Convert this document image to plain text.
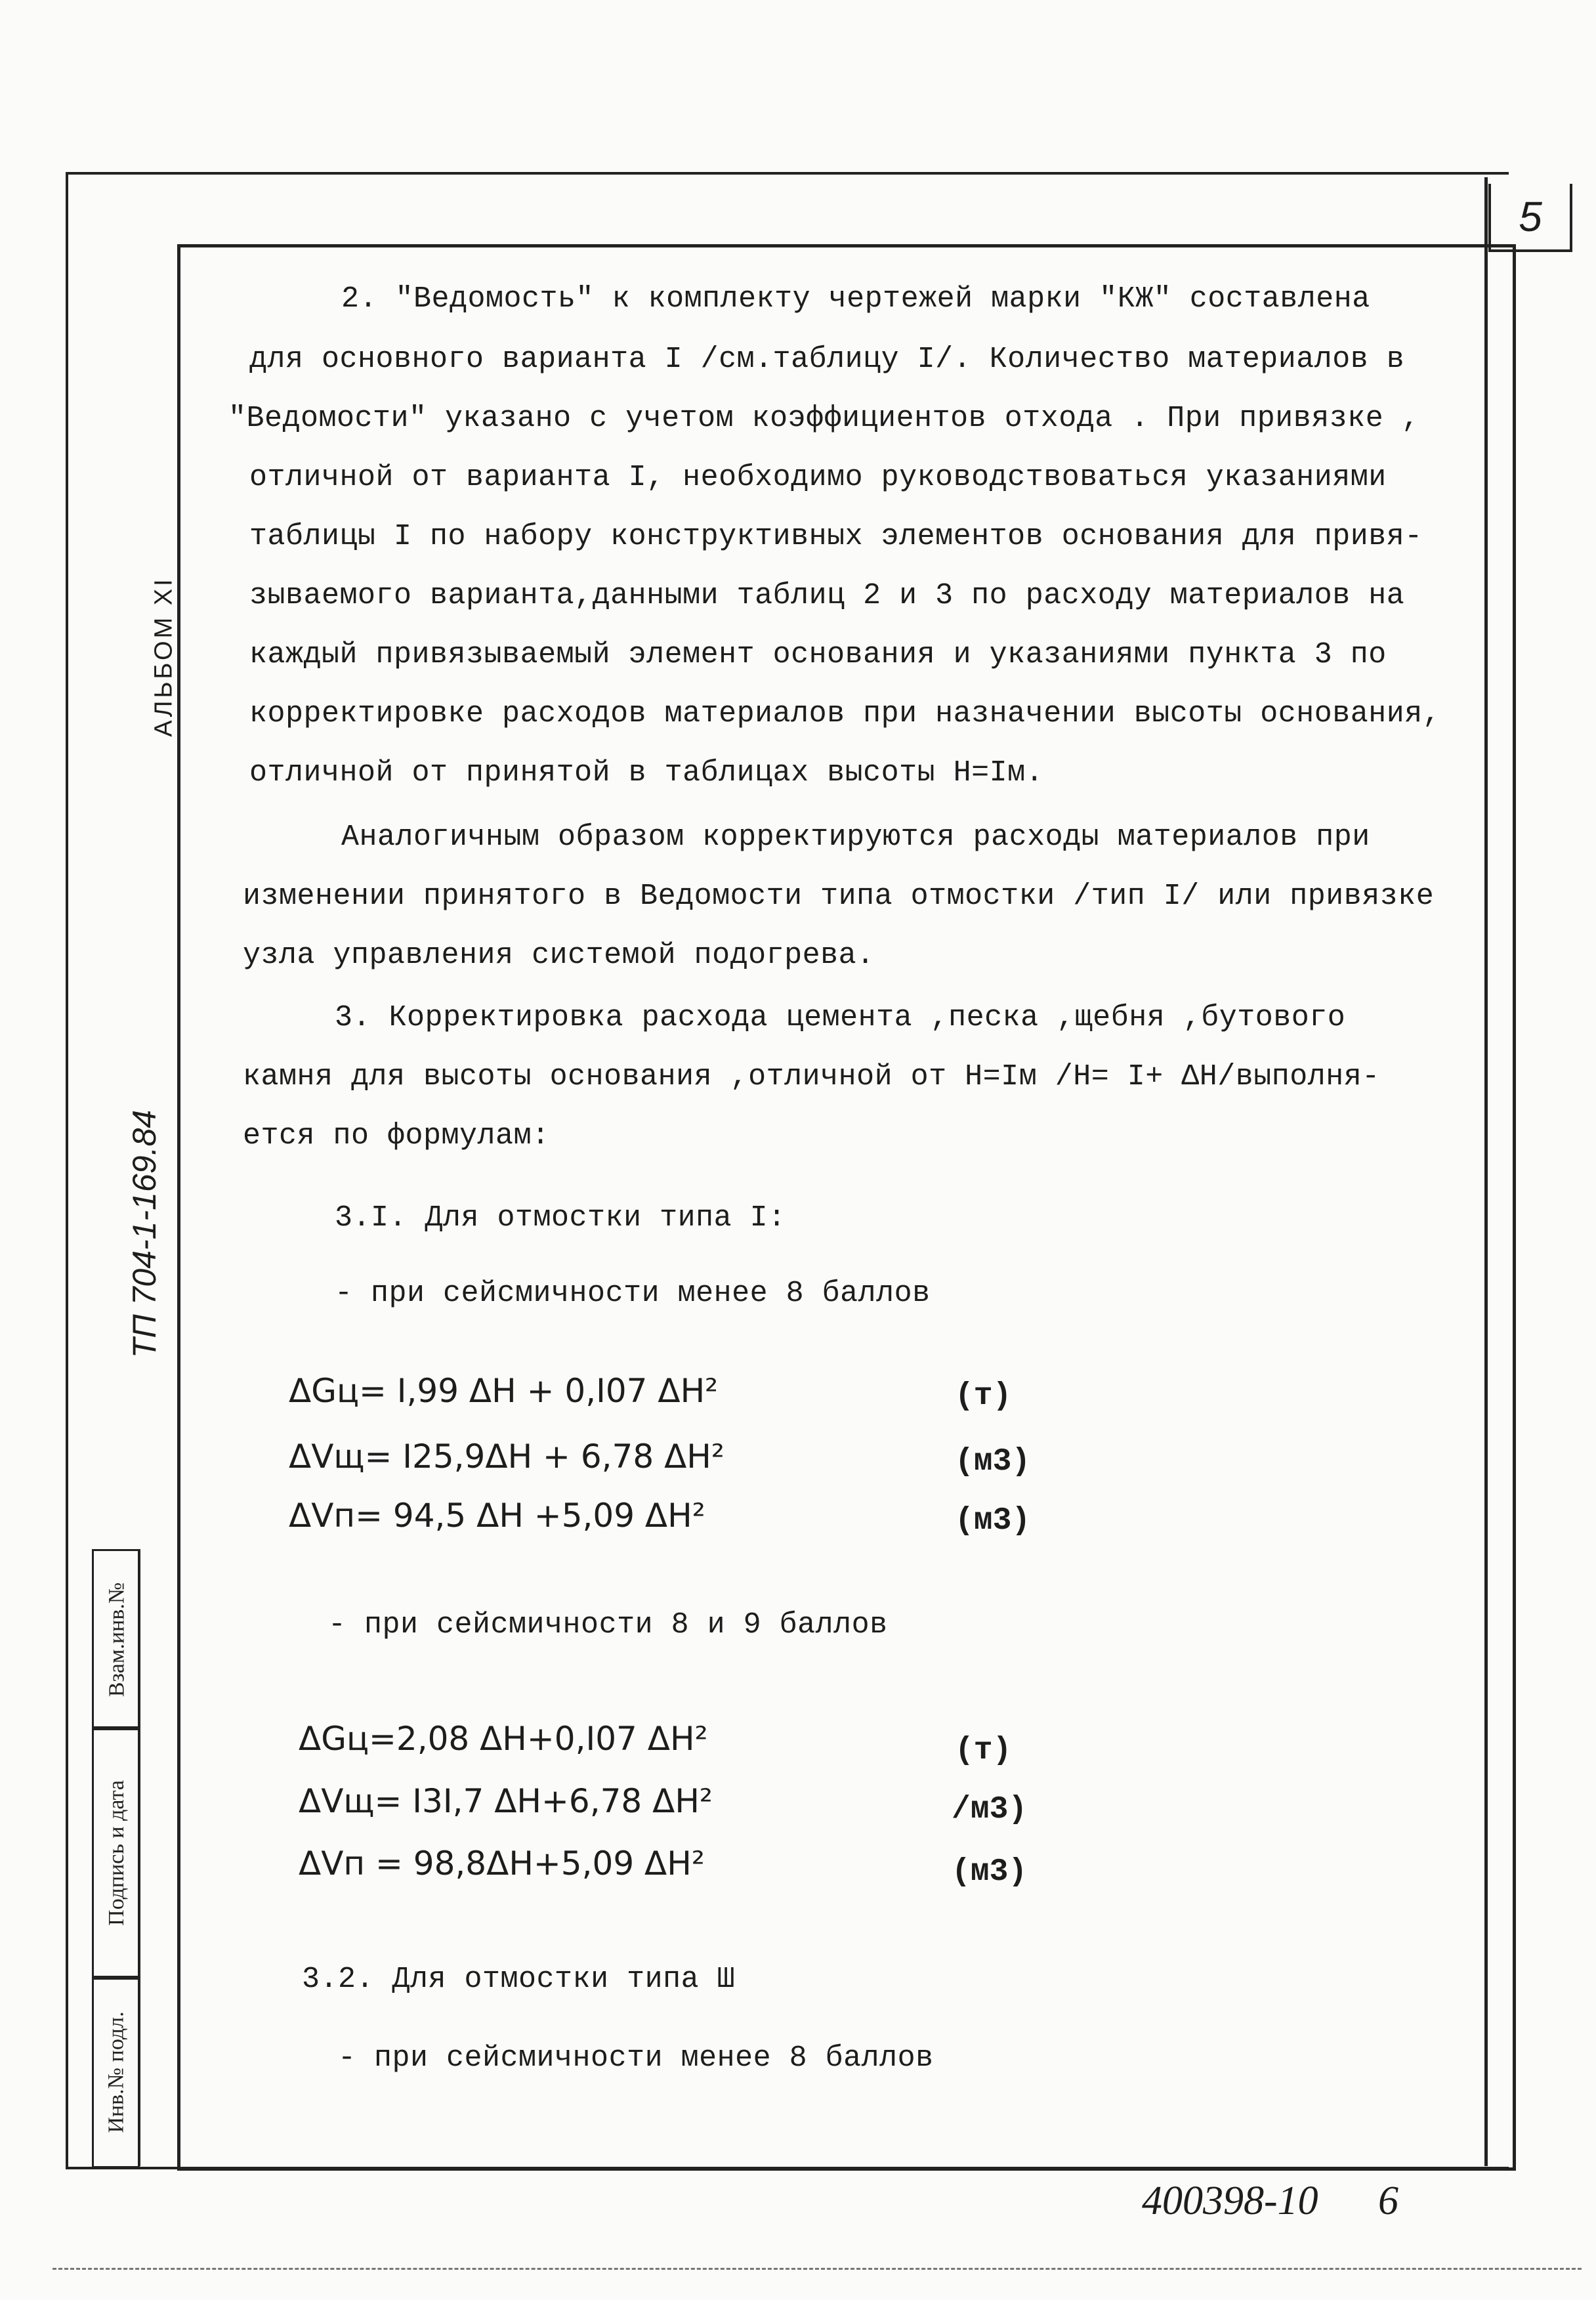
5
АЛЬБОМ XI
ТП 704-1-169.84
Взам.инв.№
Подпись и дата
Инв.№ подл.
2. "Ведомость" к комплекту чертежей марки "КЖ" составлена
для основного варианта I /см.таблицу I/. Количество материалов в
"Ведомости" указано с учетом коэффициентов отхода . При привязке ,
отличной от варианта I, необходимо руководствоваться указаниями
таблицы I по набору конструктивных элементов основания для привя-
зываемого варианта,данными таблиц 2 и 3 по расходу материалов на
каждый привязываемый элемент основания и указаниями пункта 3 по
корректировке расходов материалов при назначении высоты основания,
отличной от принятой в таблицах высоты Н=Iм.
Аналогичным образом корректируются расходы материалов при
изменении принятого в Ведомости типа отмостки /тип I/ или привязке
узла управления системой подогрева.
3. Корректировка расхода цемента ,песка ,щебня ,бутового
камня для высоты основания ,отличной от Н=Iм /Н= I+ ΔН/выполня-
ется по формулам:
3.I. Для отмостки типа I:
- при сейсмичности менее 8 баллов
ΔGц= I,99 ΔН + 0,I07 ΔН²	(т)
ΔVщ= I25,9ΔН + 6,78 ΔН²	(м3)
ΔVп= 94,5 ΔН +5,09 ΔН²	(м3)
- при сейсмичности 8 и 9 баллов
ΔGц=2,08 ΔН+0,I07 ΔН²	(т)
ΔVщ= I3I,7 ΔН+6,78 ΔН²	/м3)
ΔVп = 98,8ΔН+5,09 ΔН²	(м3)
3.2. Для отмостки типа Ш
- при сейсмичности менее 8 баллов
400398-10 6
